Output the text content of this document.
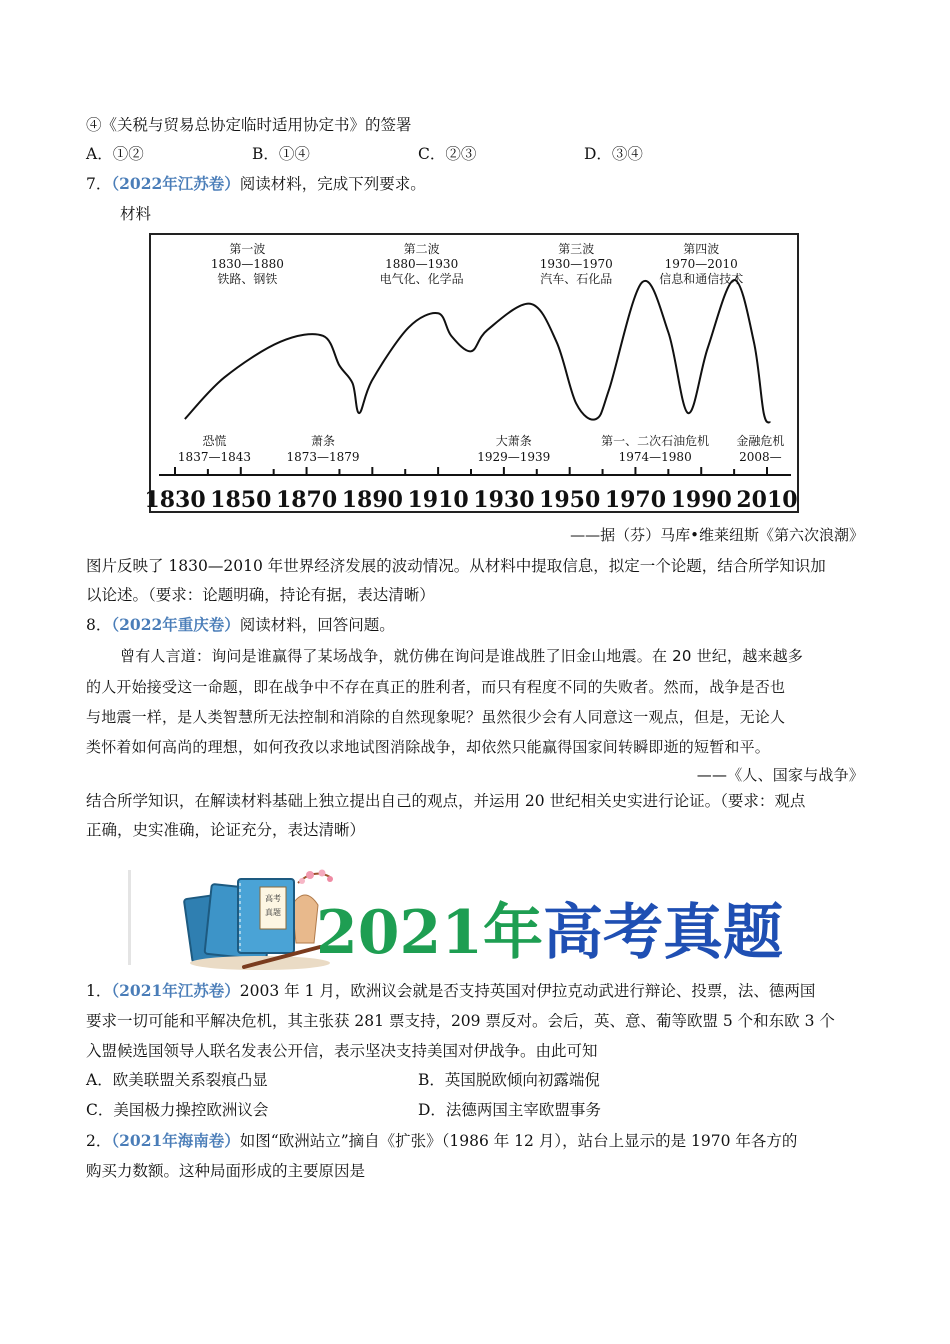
④《关税与贸易总协定临时适用协定书》的签署
A．①②	B．①④	C．②③	D．③④
7．（2022年江苏卷）阅读材料，完成下列要求。
材料
1830 1850 1870 1890 1910 1930 1950 1970 1990 2010
第一波
1830—1880
铁路、钢铁
第二波
1880—1930
电气化、化学品
第三波
1930—1970
汽车、石化品
第四波
1970—2010
信息和通信技术
恐慌
1837—1843
萧条
1873—1879
大萧条
1929—1939
第一、二次石油危机
1974—1980
金融危机
2008—
——据（芬）马库•维莱纽斯《第六次浪潮》
图片反映了 1830—2010 年世界经济发展的波动情况。从材料中提取信息，拟定一个论题，结合所学知识加
以论述。（要求：论题明确，持论有据，表达清晰）
8．（2022年重庆卷）阅读材料，回答问题。
曾有人言道：询问是谁赢得了某场战争，就仿佛在询问是谁战胜了旧金山地震。在 20 世纪，越来越多
的人开始接受这一命题，即在战争中不存在真正的胜利者，而只有程度不同的失败者。然而，战争是否也
与地震一样，是人类智慧所无法控制和消除的自然现象呢？虽然很少会有人同意这一观点，但是，无论人
类怀着如何高尚的理想，如何孜孜以求地试图消除战争，却依然只能赢得国家间转瞬即逝的短暂和平。
——《人、国家与战争》
结合所学知识，在解读材料基础上独立提出自己的观点，并运用 20 世纪相关史实进行论证。（要求：观点
正确，史实准确，论证充分，表达清晰）
高考
真题 2021年高考真题
1．（2021年江苏卷）2003 年 1 月，欧洲议会就是否支持英国对伊拉克动武进行辩论、投票，法、德两国
要求一切可能和平解决危机，其主张获 281 票支持，209 票反对。会后，英、意、葡等欧盟 5 个和东欧 3 个
入盟候选国领导人联名发表公开信，表示坚决支持美国对伊战争。由此可知
A．欧美联盟关系裂痕凸显	B．英国脱欧倾向初露端倪
C．美国极力操控欧洲议会	D．法德两国主宰欧盟事务
2．（2021年海南卷）如图“欧洲站立”摘自《扩张》（1986 年 12 月），站台上显示的是 1970 年各方的
购买力数额。这种局面形成的主要原因是
